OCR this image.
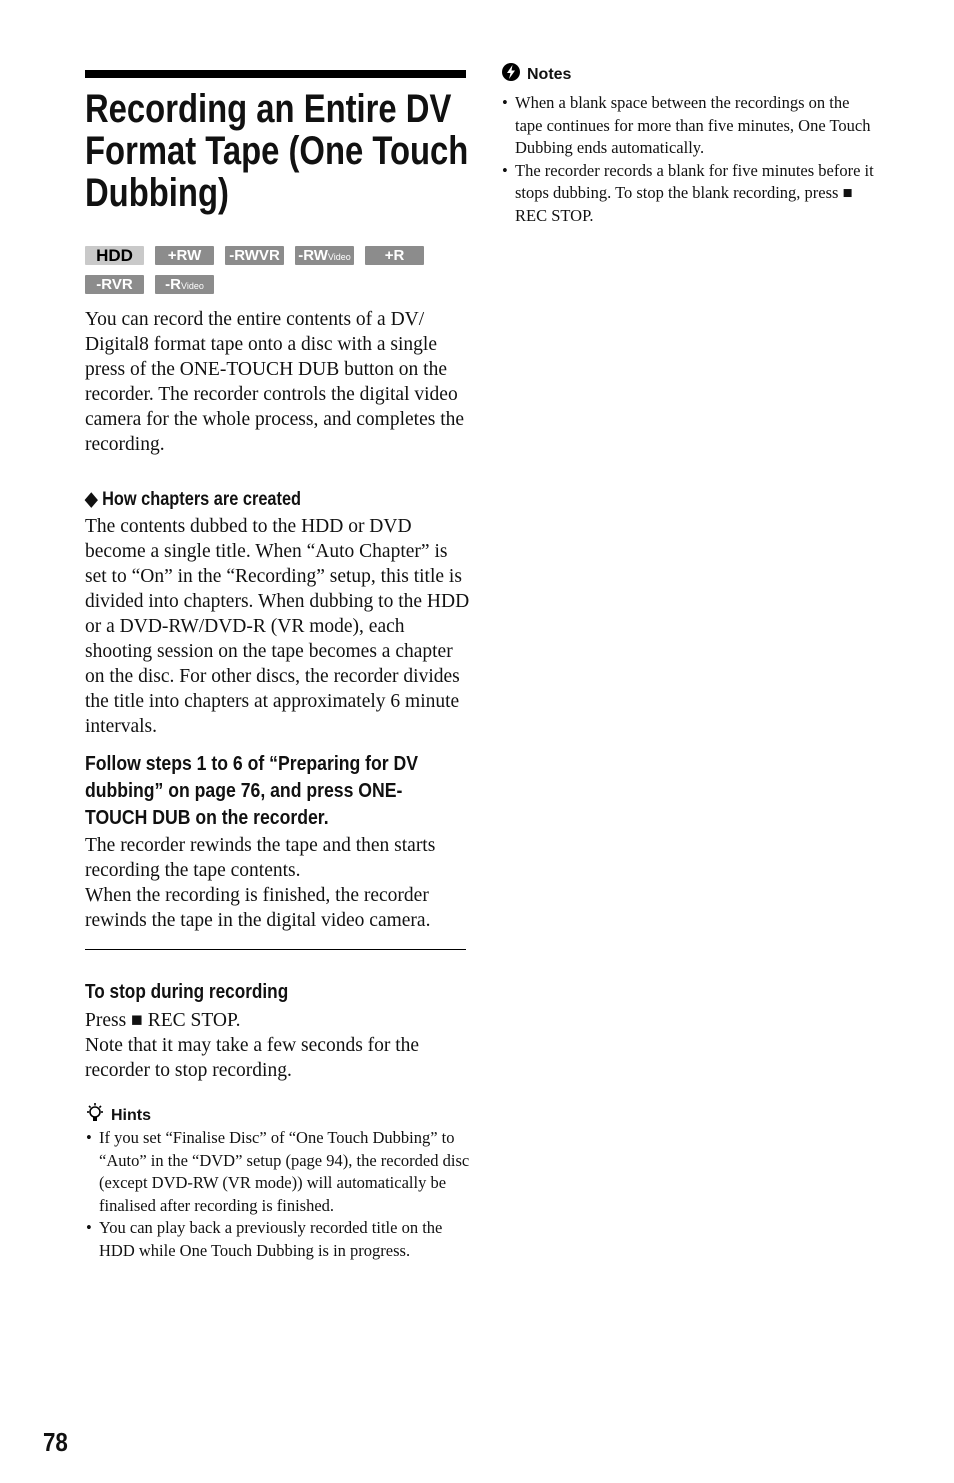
Recording an Entire DV
Format Tape (One Touch
Dubbing)
HDD	+RW	-RWVR -RWVideo	+R
-RVR	-RVideo

You can record the entire contents of a DV/ Digital8 format tape onto a disc with a single press of the ONE-TOUCH DUB button on the recorder. The recorder controls the digital video camera for the whole process, and completes the recording.

◆ How chapters are created

The contents dubbed to the HDD or DVD become a single title. When “Auto Chapter” is set to “On” in the “Recording” setup, this title is divided into chapters. When dubbing to the HDD or a DVD-RW/DVD-R (VR mode), each shooting session on the tape becomes a chapter on the disc. For other discs, the recorder divides the title into chapters at approximately 6 minute intervals.

Follow steps 1 to 6 of “Preparing for DV
dubbing” on page 76, and press ONE-
TOUCH DUB on the recorder.

The recorder rewinds the tape and then starts recording the tape contents.

When the recording is finished, the recorder rewinds the tape in the digital video camera.

To stop during recording

Press ■ REC STOP.

Note that it may take a few seconds for the recorder to stop recording.

Hints
• If you set “Finalise Disc” of “One Touch Dubbing” to “Auto” in the “DVD” setup (page 94), the recorded disc (except DVD-RW (VR mode)) will automatically be finalised after recording is finished.
• You can play back a previously recorded title on the HDD while One Touch Dubbing is in progress.
Notes
• When a blank space between the recordings on the tape continues for more than five minutes, One Touch Dubbing ends automatically.
• The recorder records a blank for five minutes before it stops dubbing. To stop the blank recording, press ■ REC STOP.
78
